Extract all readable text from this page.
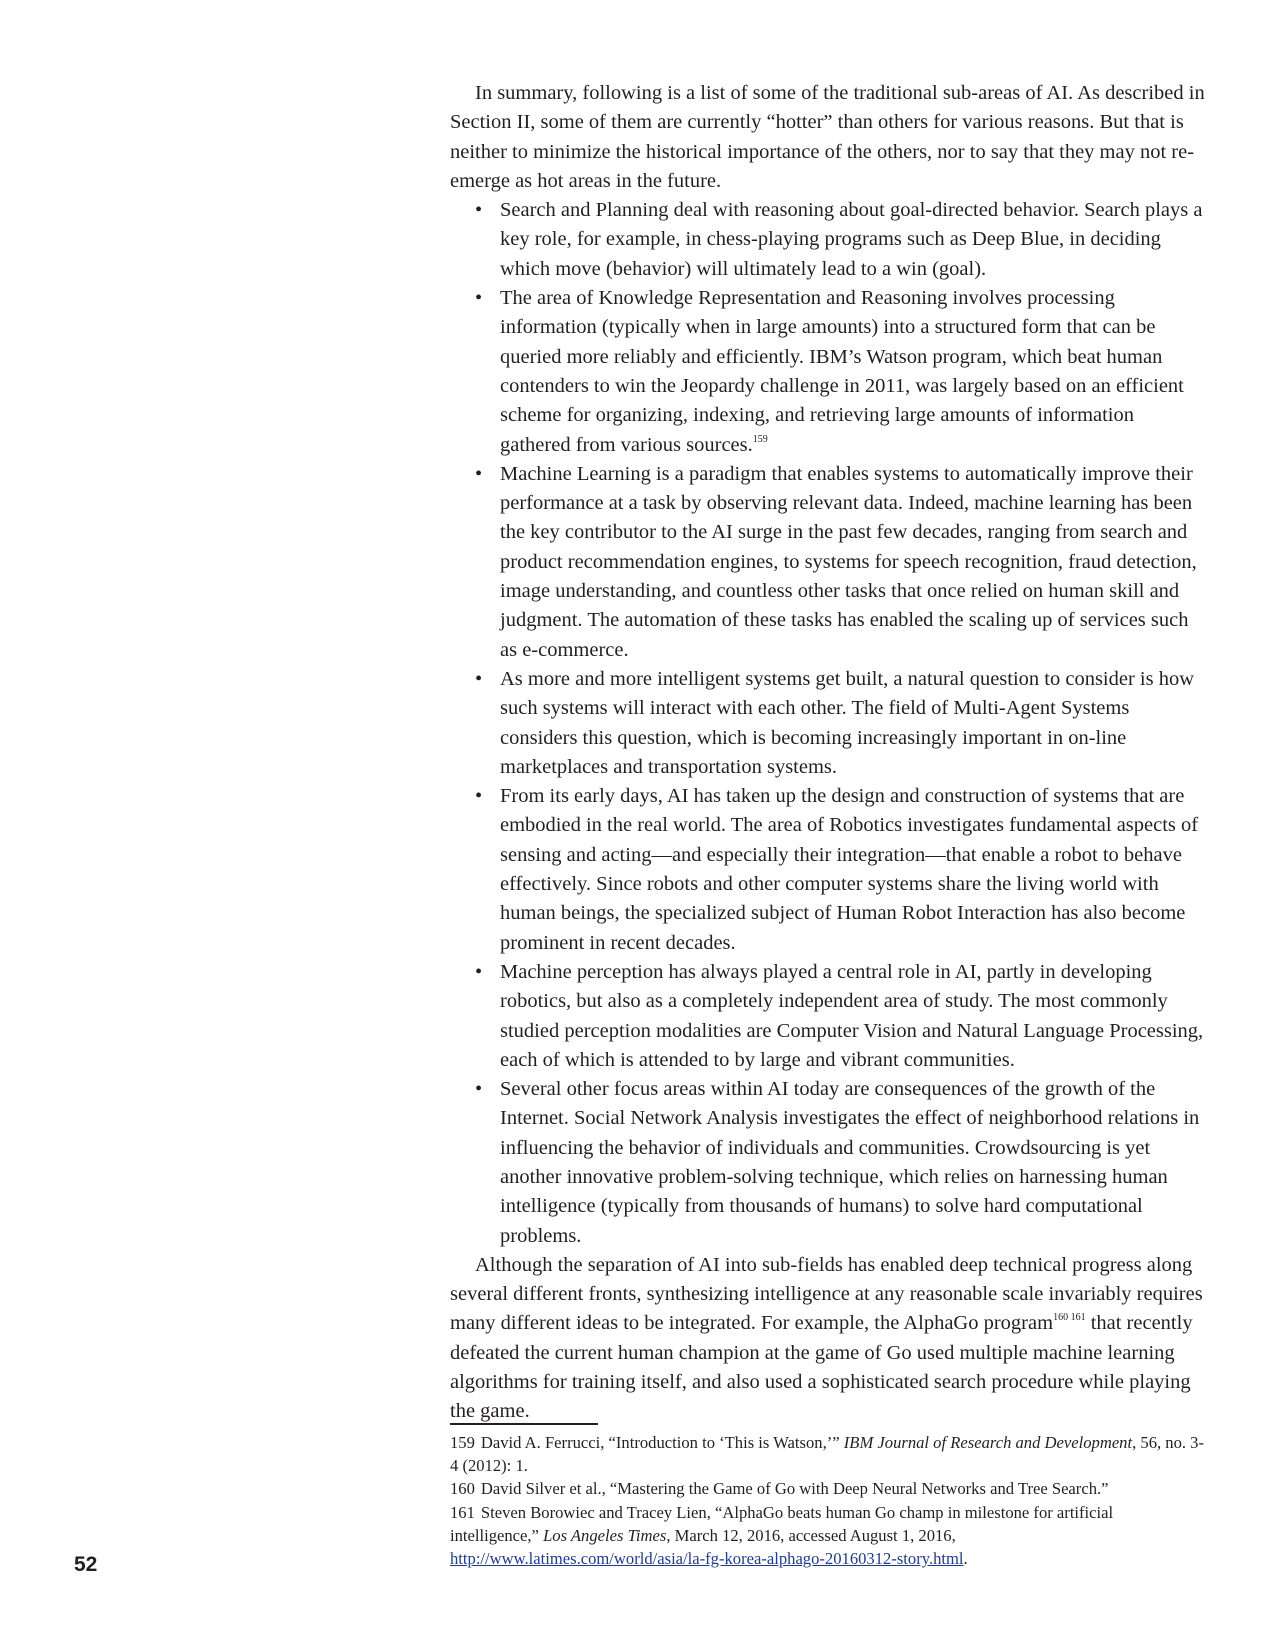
In summary, following is a list of some of the traditional sub-areas of AI. As described in Section II, some of them are currently “hotter” than others for various reasons. But that is neither to minimize the historical importance of the others, nor to say that they may not re-emerge as hot areas in the future.

• Search and Planning deal with reasoning about goal-directed behavior. Search plays a key role, for example, in chess-playing programs such as Deep Blue, in deciding which move (behavior) will ultimately lead to a win (goal).
• The area of Knowledge Representation and Reasoning involves processing information (typically when in large amounts) into a structured form that can be queried more reliably and efficiently. IBM’s Watson program, which beat human contenders to win the Jeopardy challenge in 2011, was largely based on an efficient scheme for organizing, indexing, and retrieving large amounts of information gathered from various sources.$^{159}$
• Machine Learning is a paradigm that enables systems to automatically improve their performance at a task by observing relevant data. Indeed, machine learning has been the key contributor to the AI surge in the past few decades, ranging from search and product recommendation engines, to systems for speech recognition, fraud detection, image understanding, and countless other tasks that once relied on human skill and judgment. The automation of these tasks has enabled the scaling up of services such as e-commerce.
• As more and more intelligent systems get built, a natural question to consider is how such systems will interact with each other. The field of Multi-Agent Systems considers this question, which is becoming increasingly important in on-line marketplaces and transportation systems.
• From its early days, AI has taken up the design and construction of systems that are embodied in the real world. The area of Robotics investigates fundamental aspects of sensing and acting—and especially their integration—that enable a robot to behave effectively. Since robots and other computer systems share the living world with human beings, the specialized subject of Human Robot Interaction has also become prominent in recent decades.
• Machine perception has always played a central role in AI, partly in developing robotics, but also as a completely independent area of study. The most commonly studied perception modalities are Computer Vision and Natural Language Processing, each of which is attended to by large and vibrant communities.
• Several other focus areas within AI today are consequences of the growth of the Internet. Social Network Analysis investigates the effect of neighborhood relations in influencing the behavior of individuals and communities. Crowdsourcing is yet another innovative problem-solving technique, which relies on harnessing human intelligence (typically from thousands of humans) to solve hard computational problems.

Although the separation of AI into sub-fields has enabled deep technical progress along several different fronts, synthesizing intelligence at any reasonable scale invariably requires many different ideas to be integrated. For example, the AlphaGo program$^{160 161}$ that recently defeated the current human champion at the game of Go used multiple machine learning algorithms for training itself, and also used a sophisticated search procedure while playing the game.

159 David A. Ferrucci, “Introduction to ‘This is Watson,’” IBM Journal of Research and Development, 56, no. 3-4 (2012): 1.

160 David Silver et al., “Mastering the Game of Go with Deep Neural Networks and Tree Search.”

161 Steven Borowiec and Tracey Lien, “AlphaGo beats human Go champ in milestone for artificial intelligence,” Los Angeles Times, March 12, 2016, accessed August 1, 2016, http://www.latimes.com/world/asia/la-fg-korea-alphago-20160312-story.html.

52
